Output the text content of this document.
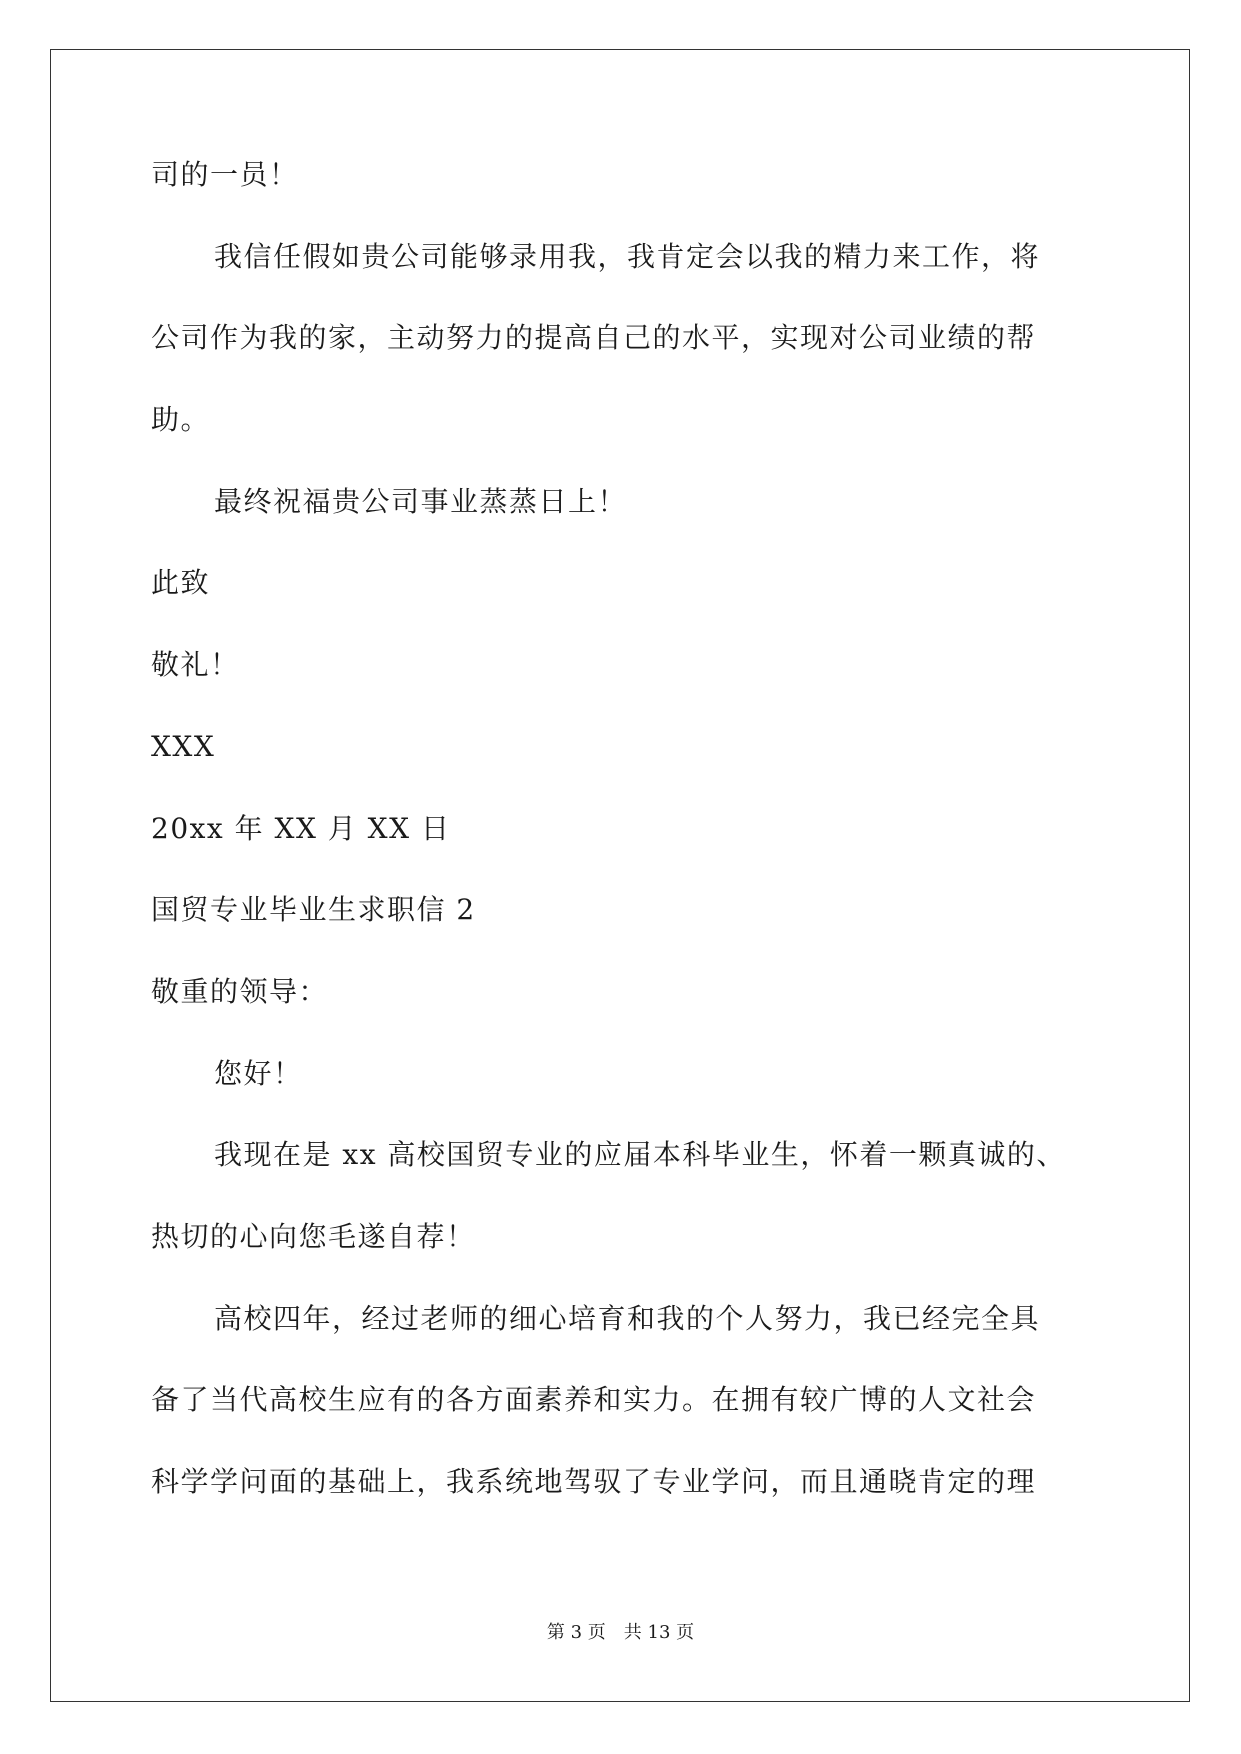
司的一员！
我信任假如贵公司能够录用我，我肯定会以我的精力来工作，将
公司作为我的家，主动努力的提高自己的水平，实现对公司业绩的帮
助。
最终祝福贵公司事业蒸蒸日上！
此致
敬礼！
XXX
20xx 年 XX 月 XX 日
国贸专业毕业生求职信 2
敬重的领导：
您好！
我现在是 xx 高校国贸专业的应届本科毕业生，怀着一颗真诚的、
热切的心向您毛遂自荐！
高校四年，经过老师的细心培育和我的个人努力，我已经完全具
备了当代高校生应有的各方面素养和实力。在拥有较广博的人文社会
科学学问面的基础上，我系统地驾驭了专业学问，而且通晓肯定的理
第 3 页 共 13 页
